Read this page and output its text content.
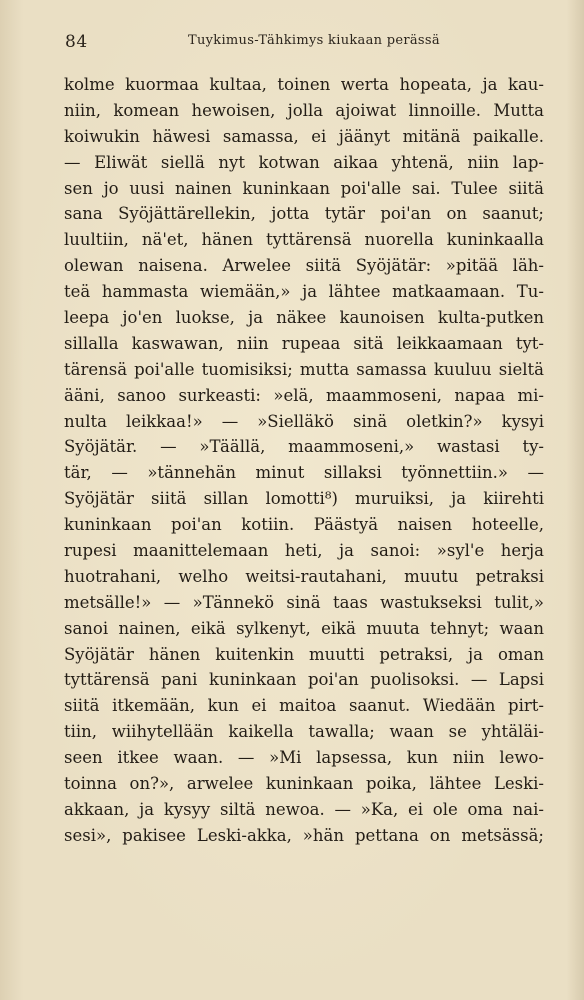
84	Tuykimus-Tähkimys kiukaan perässä
kolme kuormaa kultaa, toinen werta hopeata, ja kau-
niin, komean hewoisen, jolla ajoiwat linnoille. Mutta
koiwukin häwesi samassa, ei jäänyt mitänä paikalle.
— Eliwät siellä nyt kotwan aikaa yhtenä, niin lap-
sen jo uusi nainen kuninkaan poi'alle sai. Tulee siitä
sana Syöjättärellekin, jotta tytär poi'an on saanut;
luultiin, nä'et, hänen tyttärensä nuorella kuninkaalla
olewan naisena. Arwelee siitä Syöjätär: »pitää läh-
teä hammasta wiemään,» ja lähtee matkaamaan. Tu-
leepa jo'en luokse, ja näkee kaunoisen kulta-putken
sillalla kaswawan, niin rupeaa sitä leikkaamaan tyt-
tärensä poi'alle tuomisiksi; mutta samassa kuuluu sieltä
ääni, sanoo surkeasti: »elä, maammoseni, napaa mi-
nulta leikkaa!» — »Sielläkö sinä oletkin?» kysyi
Syöjätär. — »Täällä, maammoseni,» wastasi ty-
tär, — »tännehän minut sillaksi työnnettiin.» —
Syöjätär siitä sillan lomotti⁸) muruiksi, ja kiirehti
kuninkaan poi'an kotiin. Päästyä naisen hoteelle,
rupesi maanittelemaan heti, ja sanoi: »syl'e herja
huotrahani, welho weitsi-rautahani, muutu petraksi
metsälle!» — »Tännekö sinä taas wastukseksi tulit,»
sanoi nainen, eikä sylkenyt, eikä muuta tehnyt; waan
Syöjätär hänen kuitenkin muutti petraksi, ja oman
tyttärensä pani kuninkaan poi'an puolisoksi. — Lapsi
siitä itkemään, kun ei maitoa saanut. Wiedään pirt-
tiin, wiihytellään kaikella tawalla; waan se yhtäläi-
seen itkee waan. — »Mi lapsessa, kun niin lewo-
toinna on?», arwelee kuninkaan poika, lähtee Leski-
akkaan, ja kysyy siltä newoa. — »Ka, ei ole oma nai-
sesi», pakisee Leski-akka, »hän pettana on metsässä;
